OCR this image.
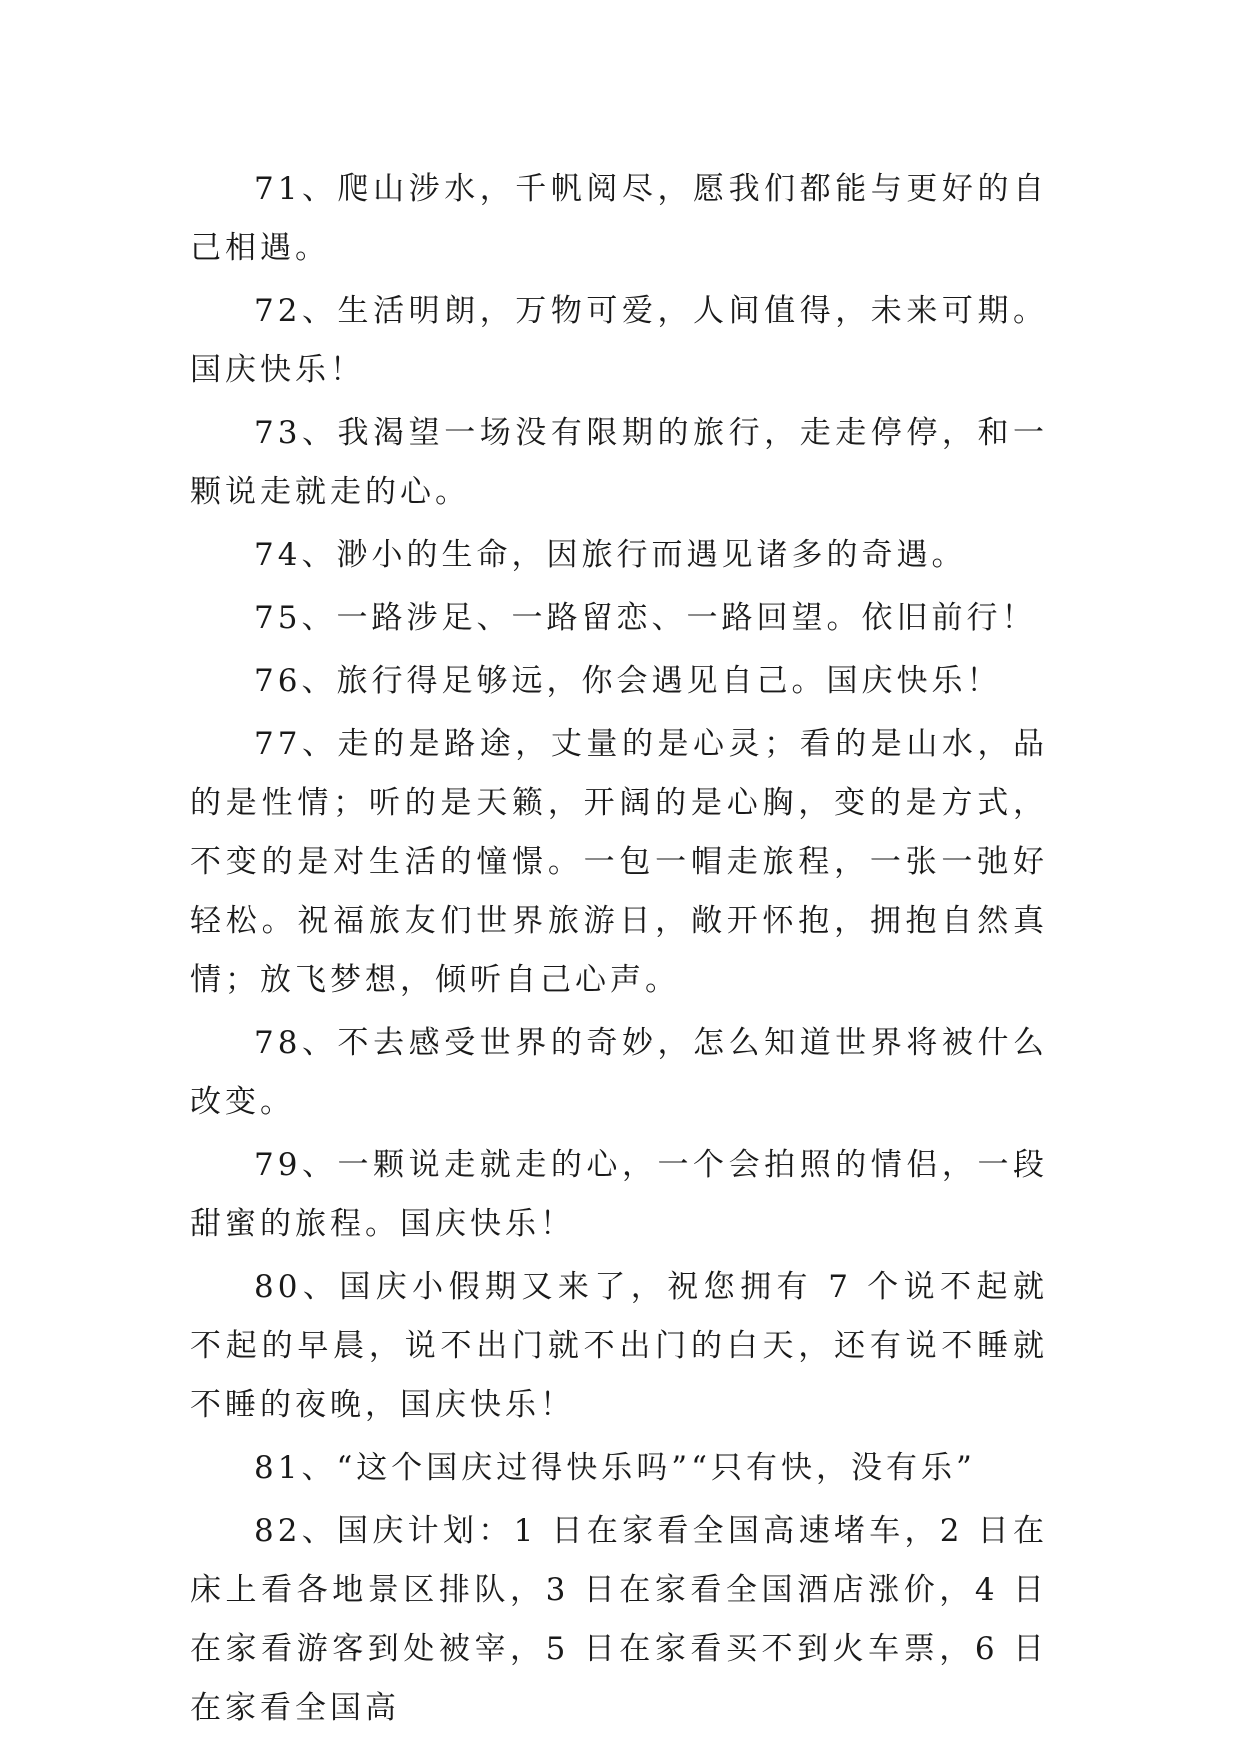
71、爬山涉水，千帆阅尽，愿我们都能与更好的自己相遇。

72、生活明朗，万物可爱，人间值得，未来可期。国庆快乐！

73、我渴望一场没有限期的旅行，走走停停，和一颗说走就走的心。

74、渺小的生命，因旅行而遇见诸多的奇遇。

75、一路涉足、一路留恋、一路回望。依旧前行！

76、旅行得足够远，你会遇见自己。国庆快乐！

77、走的是路途，丈量的是心灵；看的是山水，品的是性情；听的是天籁，开阔的是心胸，变的是方式，不变的是对生活的憧憬。一包一帽走旅程，一张一弛好轻松。祝福旅友们世界旅游日，敞开怀抱，拥抱自然真情；放飞梦想，倾听自己心声。

78、不去感受世界的奇妙，怎么知道世界将被什么改变。

79、一颗说走就走的心，一个会拍照的情侣，一段甜蜜的旅程。国庆快乐！

80、国庆小假期又来了，祝您拥有 7 个说不起就不起的早晨，说不出门就不出门的白天，还有说不睡就不睡的夜晚，国庆快乐！

81、“这个国庆过得快乐吗”“只有快，没有乐”

82、国庆计划：1 日在家看全国高速堵车，2 日在床上看各地景区排队，3 日在家看全国酒店涨价，4 日在家看游客到处被宰，5 日在家看买不到火车票，6 日在家看全国高
